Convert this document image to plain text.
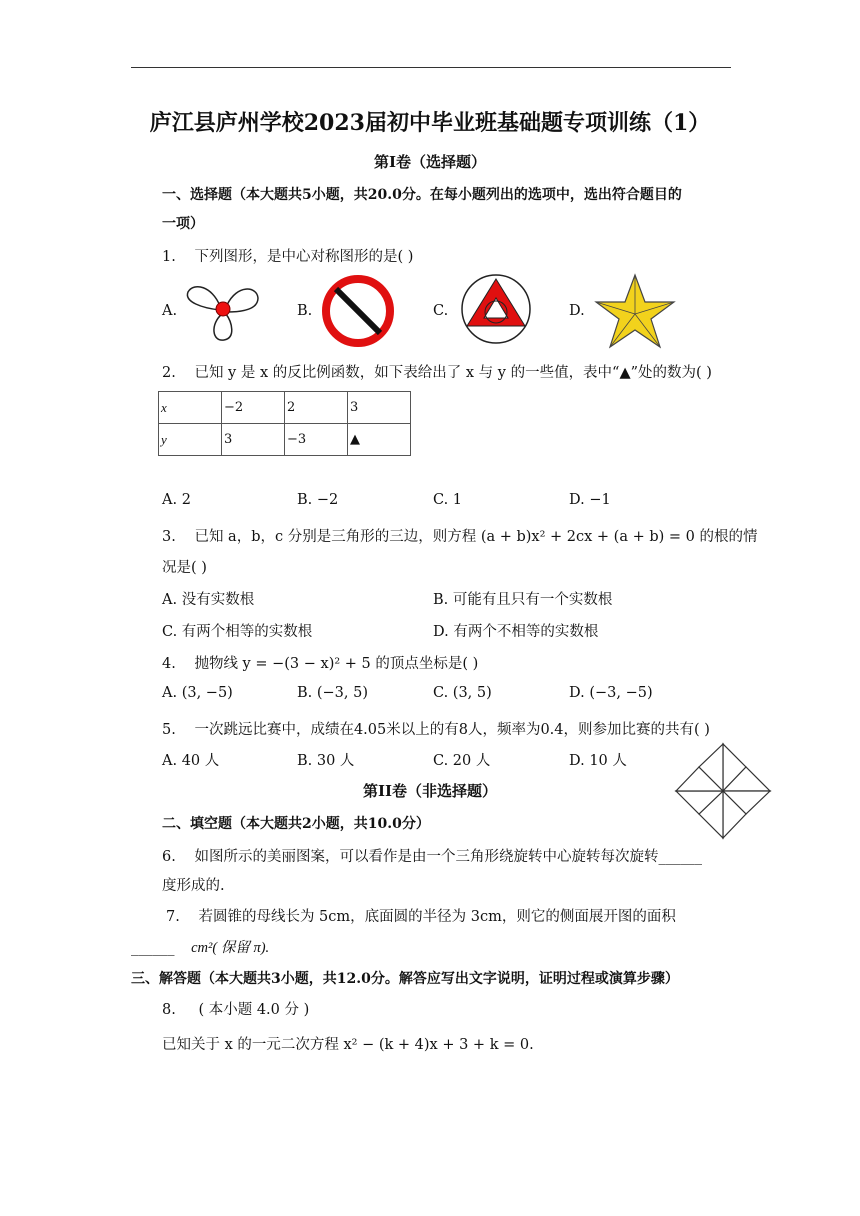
庐江县庐州学校2023届初中毕业班基础题专项训练（1）
第I卷（选择题）
一、选择题（本大题共5小题，共20.0分。在每小题列出的选项中，选出符合题目的
一项）
1. 下列图形，是中心对称图形的是( )
A.	B.	C.	D.
2. 已知 y 是 x 的反比例函数，如下表给出了 x 与 y 的一些值，表中“▲”处的数为( )
x	−2	2	3
y	3	−3	▲
A. 2	B. −2	C. 1	D. −1
3. 已知 a，b，c 分别是三角形的三边，则方程 (a + b)x² + 2cx + (a + b) = 0 的根的情
况是( )
A. 没有实数根	B. 可能有且只有一个实数根
C. 有两个相等的实数根	D. 有两个不相等的实数根
4. 抛物线 y = −(3 − x)² + 5 的顶点坐标是( )
A. (3, −5)	B. (−3, 5)	C. (3, 5)	D. (−3, −5)
5. 一次跳远比赛中，成绩在4.05米以上的有8人，频率为0.4，则参加比赛的共有( )
A. 40 人	B. 30 人	C. 20 人	D. 10 人
第II卷（非选择题）
二、填空题（本大题共2小题，共10.0分）
6. 如图所示的美丽图案，可以看作是由一个三角形绕旋转中心旋转每次旋转______
度形成的.
7. 若圆锥的母线长为 5cm，底面圆的半径为 3cm，则它的侧面展开图的面积
______ cm²( 保留 π).
三、解答题（本大题共3小题，共12.0分。解答应写出文字说明，证明过程或演算步骤）
8. ( 本小题 4.0 分 )
已知关于 x 的一元二次方程 x² − (k + 4)x + 3 + k = 0.
